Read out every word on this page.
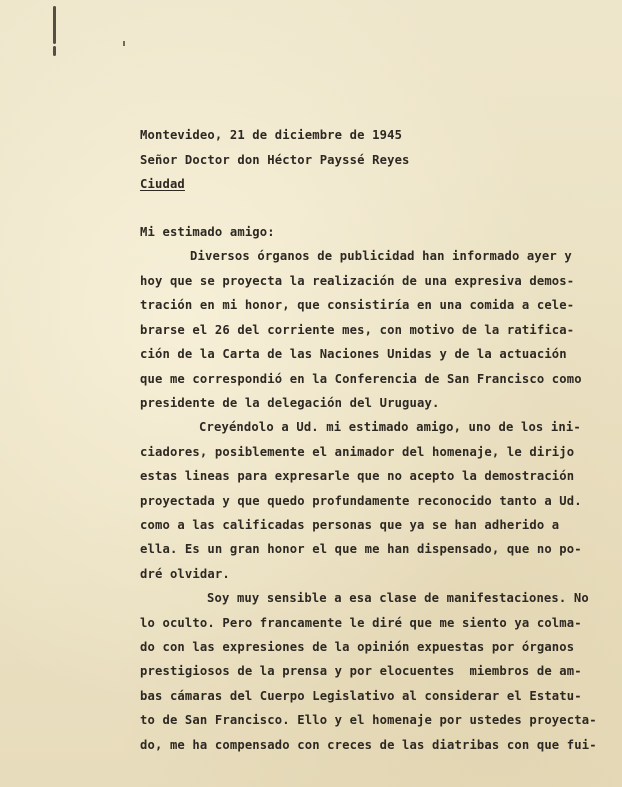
Montevideo, 21 de diciembre de 1945
Señor Doctor don Héctor Payssé Reyes
Ciudad
Mi estimado amigo:
Diversos órganos de publicidad han informado ayer y
hoy que se proyecta la realización de una expresiva demos-
tración en mi honor, que consistiría en una comida a cele-
brarse el 26 del corriente mes, con motivo de la ratifica-
ción de la Carta de las Naciones Unidas y de la actuación
que me correspondió en la Conferencia de San Francisco como
presidente de la delegación del Uruguay.
Creyéndolo a Ud. mi estimado amigo, uno de los ini-
ciadores, posiblemente el animador del homenaje, le dirijo
estas lineas para expresarle que no acepto la demostración
proyectada y que quedo profundamente reconocido tanto a Ud.
como a las calificadas personas que ya se han adherido a
ella. Es un gran honor el que me han dispensado, que no po-
dré olvidar.
Soy muy sensible a esa clase de manifestaciones. No
lo oculto. Pero francamente le diré que me siento ya colma-
do con las expresiones de la opinión expuestas por órganos
prestigiosos de la prensa y por elocuentes  miembros de am-
bas cámaras del Cuerpo Legislativo al considerar el Estatu-
to de San Francisco. Ello y el homenaje por ustedes proyecta-
do, me ha compensado con creces de las diatribas con que fui-
